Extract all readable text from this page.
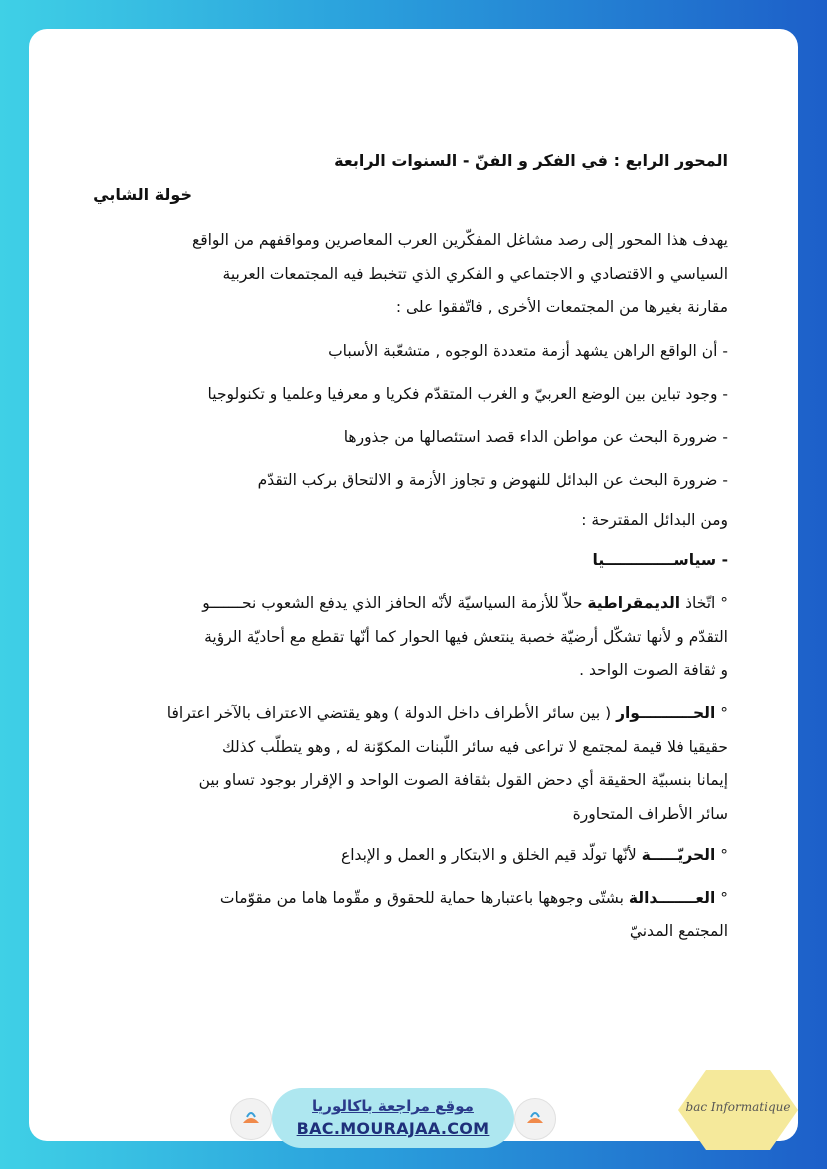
المحور الرابع : في الفكر و الفنّ - السنوات الرابعة
خولة الشابي
يهدف هذا المحور إلى رصد مشاغل المفكّرين العرب المعاصرين ومواقفهم من الواقع
السياسي و الاقتصادي و الاجتماعي و الفكري الذي تتخبط فيه المجتمعات العربية
مقارنة بغيرها من المجتمعات الأخرى , فاتّفقوا على :
- أن الواقع الراهن يشهد أزمة متعددة الوجوه , متشعّبة الأسباب
- وجود تباين بين الوضع العربيّ و الغرب المتقدّم فكريا و معرفيا وعلميا و تكنولوجيا
- ضرورة البحث عن مواطن الداء قصد استئصالها من جذورها
- ضرورة البحث عن البدائل للنهوض و تجاوز الأزمة و الالتحاق بركب التقدّم
ومن البدائل المقترحة :
- سياســـــــــــــيا
° اتّخاذ الديمقراطية حلاّ للأزمة السياسيّة لأنّه الحافز الذي يدفع الشعوب نحـــــــو
التقدّم و لأنها تشكّل أرضيّة خصبة ينتعش فيها الحوار كما أنّها تقطع مع أحاديّة الرؤية
و ثقافة الصوت الواحد .
° الحــــــــــوار ( بين سائر الأطراف داخل الدولة ) وهو يقتضي الاعتراف بالآخر اعترافا
حقيقيا فلا قيمة لمجتمع لا تراعى فيه سائر اللّبنات المكوّنة له , وهو يتطلّب كذلك
إيمانا بنسبيّة الحقيقة أي دحض القول بثقافة الصوت الواحد و الإقرار بوجود تساو بين
سائر الأطراف المتحاورة
° الحريّـــــة لأنّها تولّد قيم الخلق و الابتكار و العمل و الإبداع
° العـــــــدالة بشتّى وجوهها باعتبارها حماية للحقوق و مقّوما هاما من مقوّمات
المجتمع المدنيّ
موقع مراجعة باكالوريا
BAC.MOURAJAA.COM
bac Informatique
